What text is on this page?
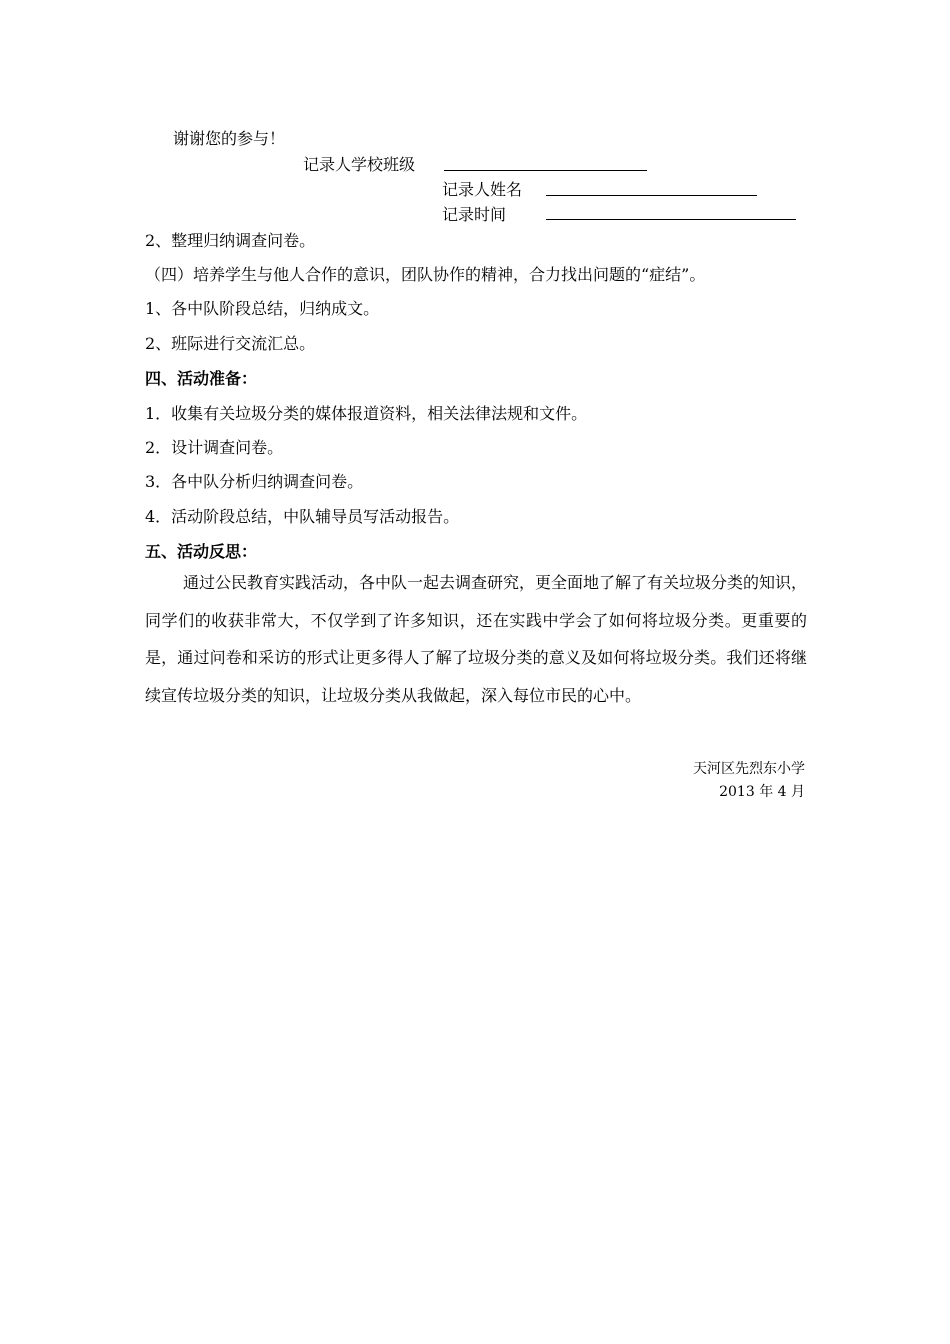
谢谢您的参与！
记录人学校班级
记录人姓名
记录时间
2、整理归纳调查问卷。
（四）培养学生与他人合作的意识，团队协作的精神，合力找出问题的“症结”。
1、各中队阶段总结，归纳成文。
2、班际进行交流汇总。
四、活动准备：
1．收集有关垃圾分类的媒体报道资料，相关法律法规和文件。
2．设计调查问卷。
3．各中队分析归纳调查问卷。
4．活动阶段总结，中队辅导员写活动报告。
五、活动反思：
通过公民教育实践活动，各中队一起去调查研究，更全面地了解了有关垃圾分类的知识，同学们的收获非常大，不仅学到了许多知识，还在实践中学会了如何将垃圾分类。更重要的是，通过问卷和采访的形式让更多得人了解了垃圾分类的意义及如何将垃圾分类。我们还将继续宣传垃圾分类的知识，让垃圾分类从我做起，深入每位市民的心中。
天河区先烈东小学
2013 年 4 月
